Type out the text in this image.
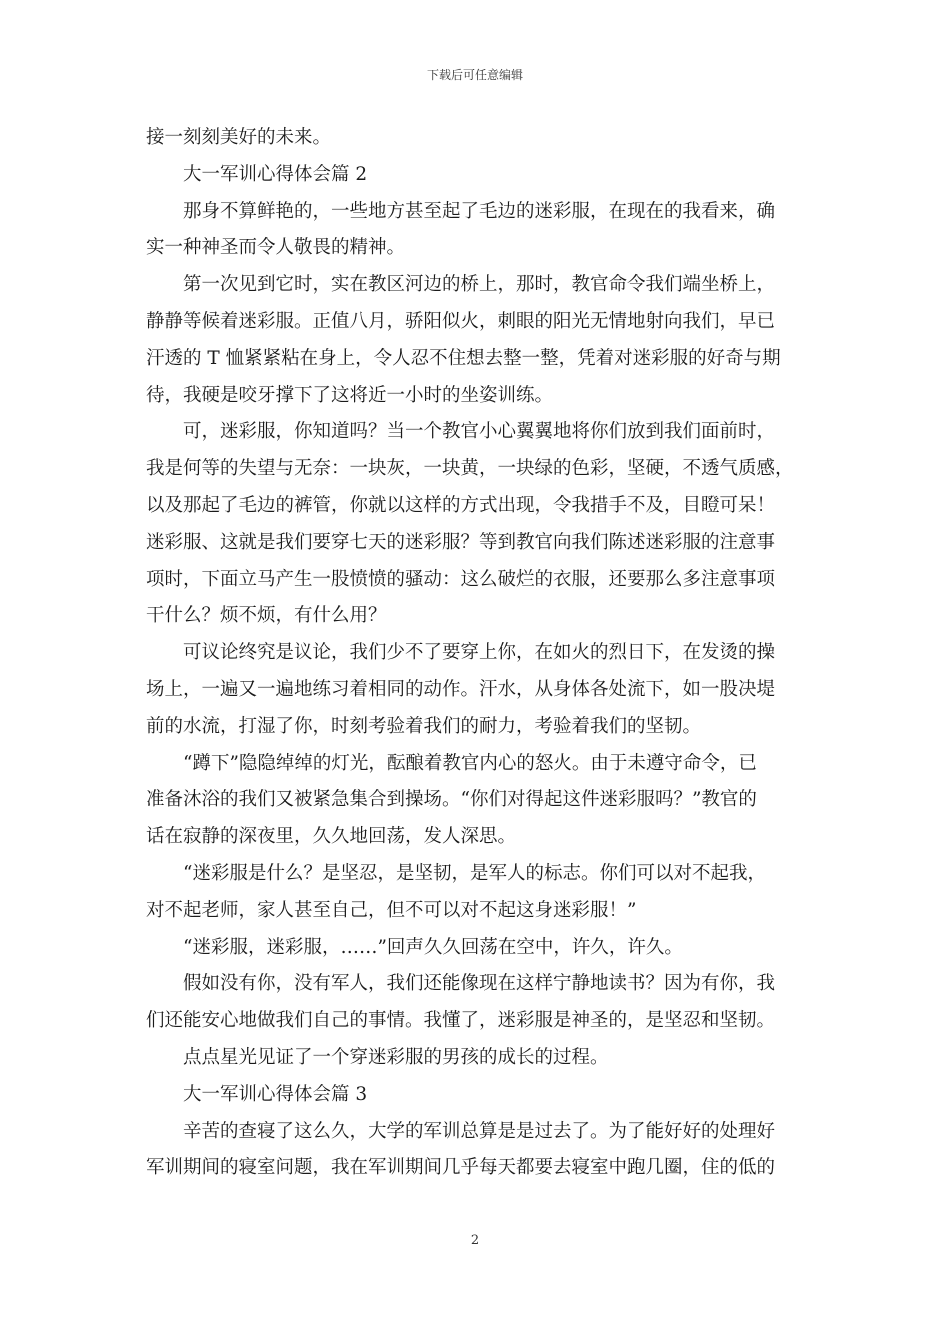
下载后可任意编辑
接一刻刻美好的未来。
大一军训心得体会篇 2
那身不算鲜艳的，一些地方甚至起了毛边的迷彩服，在现在的我看来，确
实一种神圣而令人敬畏的精神。
第一次见到它时，实在教区河边的桥上，那时，教官命令我们端坐桥上，
静静等候着迷彩服。正值八月，骄阳似火，刺眼的阳光无情地射向我们，早已
汗透的 T 恤紧紧粘在身上，令人忍不住想去整一整，凭着对迷彩服的好奇与期
待，我硬是咬牙撑下了这将近一小时的坐姿训练。
可，迷彩服，你知道吗？当一个教官小心翼翼地将你们放到我们面前时，
我是何等的失望与无奈：一块灰，一块黄，一块绿的色彩，坚硬，不透气质感，
以及那起了毛边的裤管，你就以这样的方式出现，令我措手不及，目瞪可呆！
迷彩服、这就是我们要穿七天的迷彩服？等到教官向我们陈述迷彩服的注意事
项时，下面立马产生一股愤愤的骚动：这么破烂的衣服，还要那么多注意事项
干什么？烦不烦，有什么用？
可议论终究是议论，我们少不了要穿上你，在如火的烈日下，在发烫的操
场上，一遍又一遍地练习着相同的动作。汗水，从身体各处流下，如一股决堤
前的水流，打湿了你，时刻考验着我们的耐力，考验着我们的坚韧。
“蹲下”隐隐绰绰的灯光，酝酿着教官内心的怒火。由于未遵守命令，已
准备沐浴的我们又被紧急集合到操场。“你们对得起这件迷彩服吗？”教官的
话在寂静的深夜里，久久地回荡，发人深思。
“迷彩服是什么？是坚忍，是坚韧，是军人的标志。你们可以对不起我，
对不起老师，家人甚至自己，但不可以对不起这身迷彩服！”
“迷彩服，迷彩服，……”回声久久回荡在空中，许久，许久。
假如没有你，没有军人，我们还能像现在这样宁静地读书？因为有你，我
们还能安心地做我们自己的事情。我懂了，迷彩服是神圣的，是坚忍和坚韧。
点点星光见证了一个穿迷彩服的男孩的成长的过程。
大一军训心得体会篇 3
辛苦的查寝了这么久，大学的军训总算是是过去了。为了能好好的处理好
军训期间的寝室问题，我在军训期间几乎每天都要去寝室中跑几圈，住的低的
2
